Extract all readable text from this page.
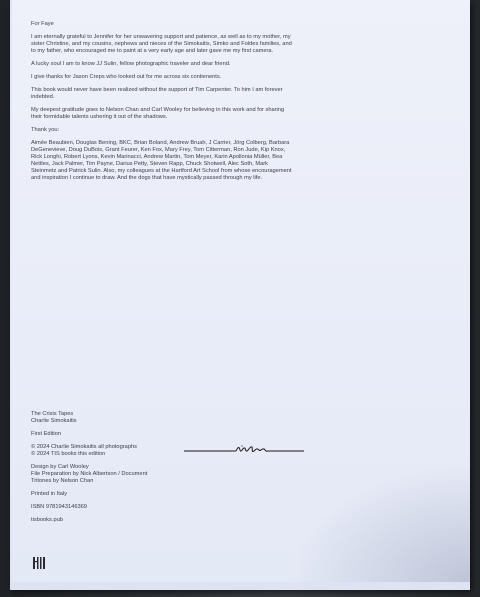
For Faye

I am eternally grateful to Jennifer for her unwavering support and patience, as well as to my mother, my sister Christine, and my cousins, nephews and nieces of the Simokaitis, Simko and Foldes families, and to my father, who encouraged me to paint at a very early age and later gave me my first camera.

A lucky soul I am to know JJ Sulin, fellow photographic traveler and dear friend.

I give thanks for Jason Creps who looked out for me across six contienents.

This book would never have been realized without the support of Tim Carpenter. To him I am forever indebted.

My deepest gratitude goes to Nelson Chan and Carl Wooley for believing in this work and for sharing their formidable talents ushering it out of the shadows.

Thank you:

Aimée Beaubien, Douglas Bening, BKC, Brian Boland, Andrew Bruah, J Carrier, Jörg Colberg, Barbara DeGenevieve, Doug DuBois, Grant Feurer, Ken Fox, Mary Frey, Tom Citterman, Ron Jude, Kip Knox, Rick Longhi, Robert Lyons, Kevin Marinacci, Andrew Martin, Tom Meyer, Karin Apollonia Müller, Bea Nettles, Jack Palmer, Tim Payne, Darius Petty, Steven Rapp, Chuck Shotwell, Alec Soth, Mark Steinmetz and Patrick Sulin. Also, my colleagues at the Hartford Art School from whose encouragement and inspiration I continue to draw. And the dogs that have mystically passed through my life.

The Crisis Tapes
Charlie Simokaitis

First Edition

© 2024 Charlie Simokaitis all photographs
© 2024 TIS books this edition

Design by Carl Wooley
File Preparation by Nick Albertson / Document
Tritones by Nelson Chan

Printed in Italy

ISBN 9781943146369

tisbooks.pub
